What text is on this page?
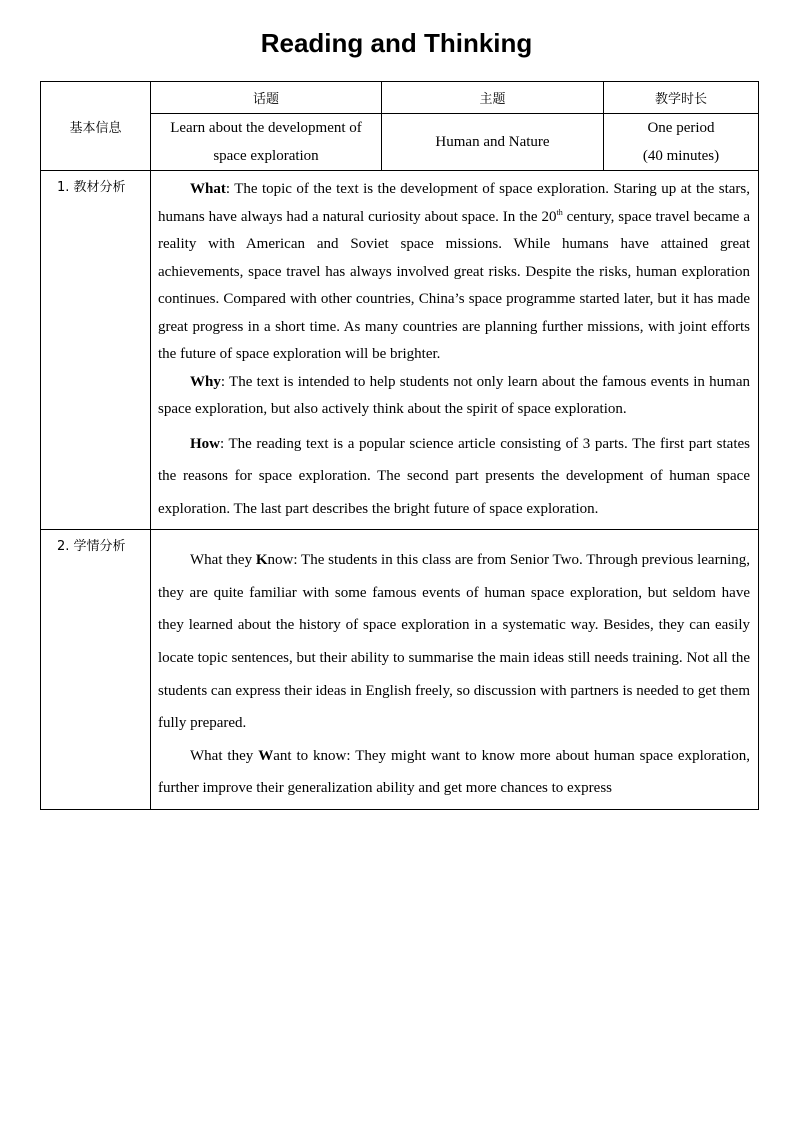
Reading and Thinking
基本信息	话题	主题	教学时长
	Learn about the development of space exploration	Human and Nature	One period
(40 minutes)

1. 教材分析	What: The topic of the text is the development of space exploration. Staring up at the stars, humans have always had a natural curiosity about space. In the 20th century, space travel became a reality with American and Soviet space missions. While humans have attained great achievements, space travel has always involved great risks. Despite the risks, human exploration continues. Compared with other countries, China’s space programme started later, but it has made great progress in a short time. As many countries are planning further missions, with joint efforts the future of space exploration will be brighter.

Why: The text is intended to help students not only learn about the famous events in human space exploration, but also actively think about the spirit of space exploration.

How: The reading text is a popular science article consisting of 3 parts. The first part states the reasons for space exploration. The second part presents the development of human space exploration. The last part describes the bright future of space exploration.		

2. 学情分析	What they Know: The students in this class are from Senior Two. Through previous learning, they are quite familiar with some famous events of human space exploration, but seldom have they learned about the history of space exploration in a systematic way. Besides, they can easily locate topic sentences, but their ability to summarise the main ideas still needs training. Not all the students can express their ideas in English freely, so discussion with partners is needed to get them fully prepared.

What they Want to know: They might want to know more about human space exploration, further improve their generalization ability and get more chances to express		
